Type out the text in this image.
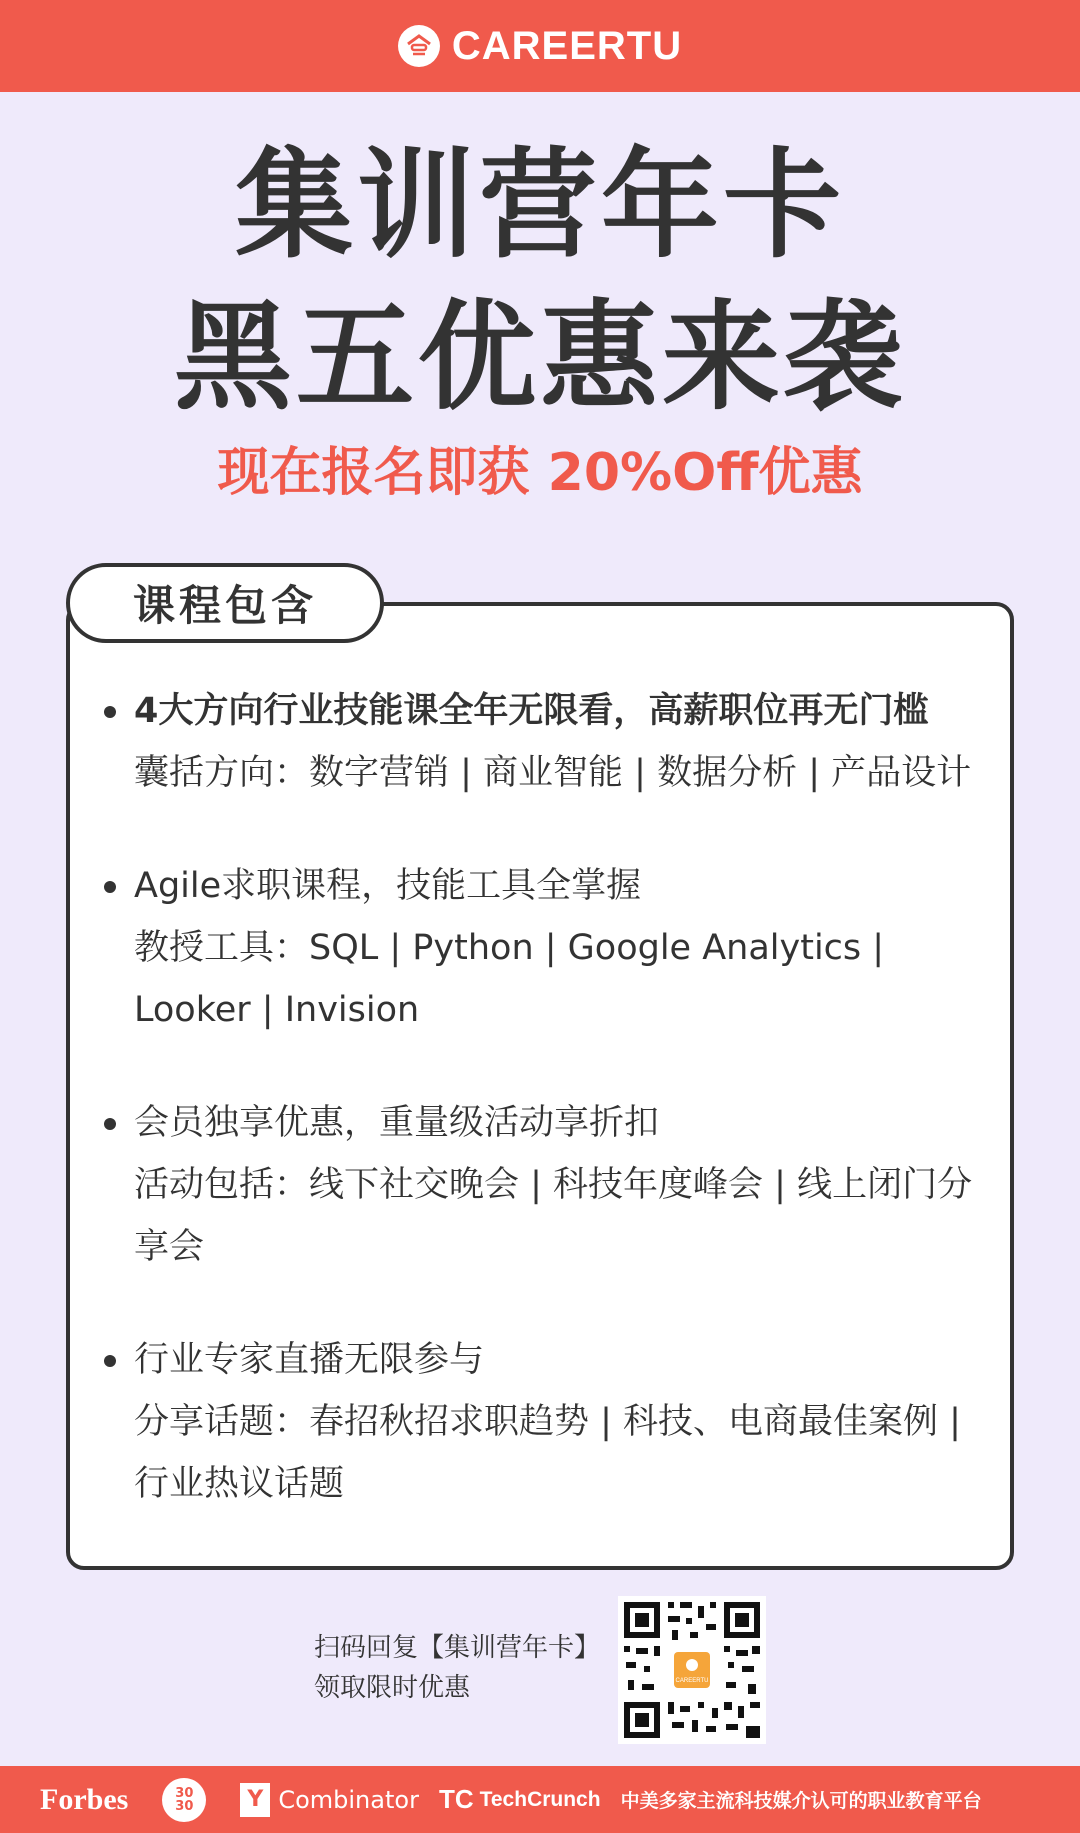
CAREERTU
集训营年卡
黑五优惠来袭
现在报名即获 20%Off优惠
课程包含
4大方向行业技能课全年无限看，高薪职位再无门槛
囊括方向：数字营销 | 商业智能 | 数据分析 | 产品设计
Agile求职课程，技能工具全掌握
教授工具：SQL | Python | Google Analytics | Looker | Invision
会员独享优惠，重量级活动享折扣
活动包括：线下社交晚会 | 科技年度峰会 | 线上闭门分享会
行业专家直播无限参与
分享话题：春招秋招求职趋势 | 科技、电商最佳案例 | 行业热议话题
扫码回复【集训营年卡】
领取限时优惠	CAREERTU
Forbes	30
30	Y Combinator TC TechCrunch 中美多家主流科技媒介认可的职业教育平台
